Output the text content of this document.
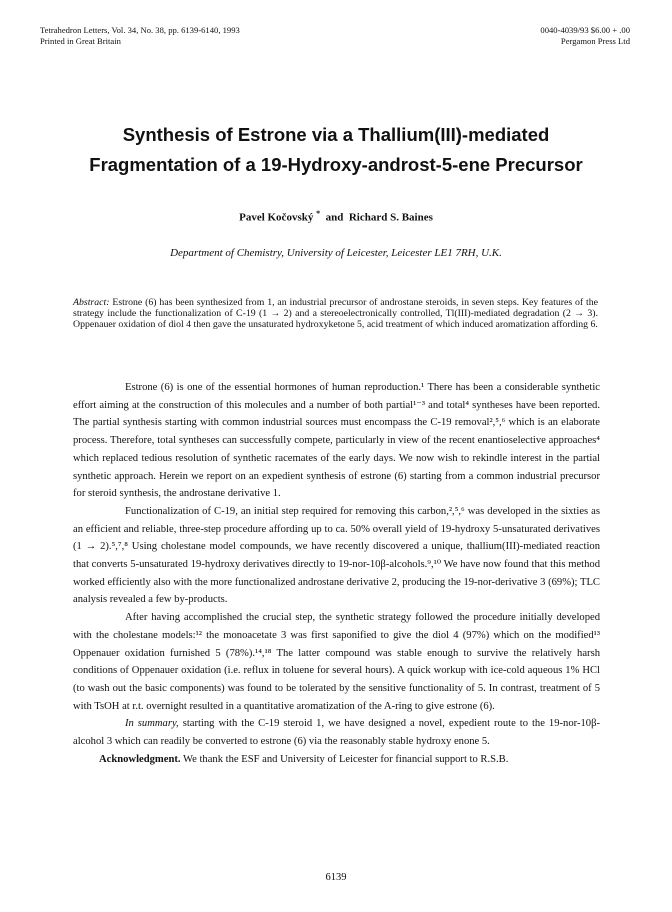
Tetrahedron Letters, Vol. 34, No. 38, pp. 6139-6140, 1993
Printed in Great Britain
0040-4039/93 $6.00 + .00
Pergamon Press Ltd
Synthesis of Estrone via a Thallium(III)-mediated
Fragmentation of a 19-Hydroxy-androst-5-ene Precursor
Pavel Kočovský *  and  Richard S. Baines
Department of Chemistry, University of Leicester, Leicester LE1 7RH, U.K.
Abstract: Estrone (6) has been synthesized from 1, an industrial precursor of androstane steroids, in seven steps. Key features of the strategy include the functionalization of C-19 (1 → 2) and a stereoelectronically controlled, Tl(III)-mediated degradation (2 → 3). Oppenauer oxidation of diol 4 then gave the unsaturated hydroxyketone 5, acid treatment of which induced aromatization affording 6.

Estrone (6) is one of the essential hormones of human reproduction.¹ There has been a considerable synthetic effort aiming at the construction of this molecules and a number of both partial¹⁻³ and total⁴ syntheses have been reported. The partial synthesis starting with common industrial sources must encompass the C-19 removal²,⁵,⁶ which is an elaborate process. Therefore, total syntheses can successfully compete, particularly in view of the recent enantioselective approaches⁴ which replaced tedious resolution of synthetic racemates of the early days. We now wish to rekindle interest in the partial synthetic approach. Herein we report on an expedient synthesis of estrone (6) starting from a common industrial precursor for steroid synthesis, the androstane derivative 1.

Functionalization of C-19, an initial step required for removing this carbon,²,⁵,⁶ was developed in the sixties as an efficient and reliable, three-step procedure affording up to ca. 50% overall yield of 19-hydroxy 5-unsaturated derivatives (1 → 2).⁵,⁷,⁸ Using cholestane model compounds, we have recently discovered a unique, thallium(III)-mediated reaction that converts 5-unsaturated 19-hydroxy derivatives directly to 19-nor-10β-alcohols.⁹,¹⁰ We have now found that this method worked efficiently also with the more functionalized androstane derivative 2, producing the 19-nor-derivative 3 (69%); TLC analysis revealed a few by-products.

After having accomplished the crucial step, the synthetic strategy followed the procedure initially developed with the cholestane models:¹² the monoacetate 3 was first saponified to give the diol 4 (97%) which on the modified¹³ Oppenauer oxidation furnished 5 (78%).¹⁴,¹⁸ The latter compound was stable enough to survive the relatively harsh conditions of Oppenauer oxidation (i.e. reflux in toluene for several hours). A quick workup with ice-cold aqueous 1% HCl (to wash out the basic components) was found to be tolerated by the sensitive functionality of 5. In contrast, treatment of 5 with TsOH at r.t. overnight resulted in a quantitative aromatization of the A-ring to give estrone (6).

In summary, starting with the C-19 steroid 1, we have designed a novel, expedient route to the 19-nor-10β-alcohol 3 which can readily be converted to estrone (6) via the reasonably stable hydroxy enone 5.

Acknowledgment. We thank the ESF and University of Leicester for financial support to R.S.B.

6139
